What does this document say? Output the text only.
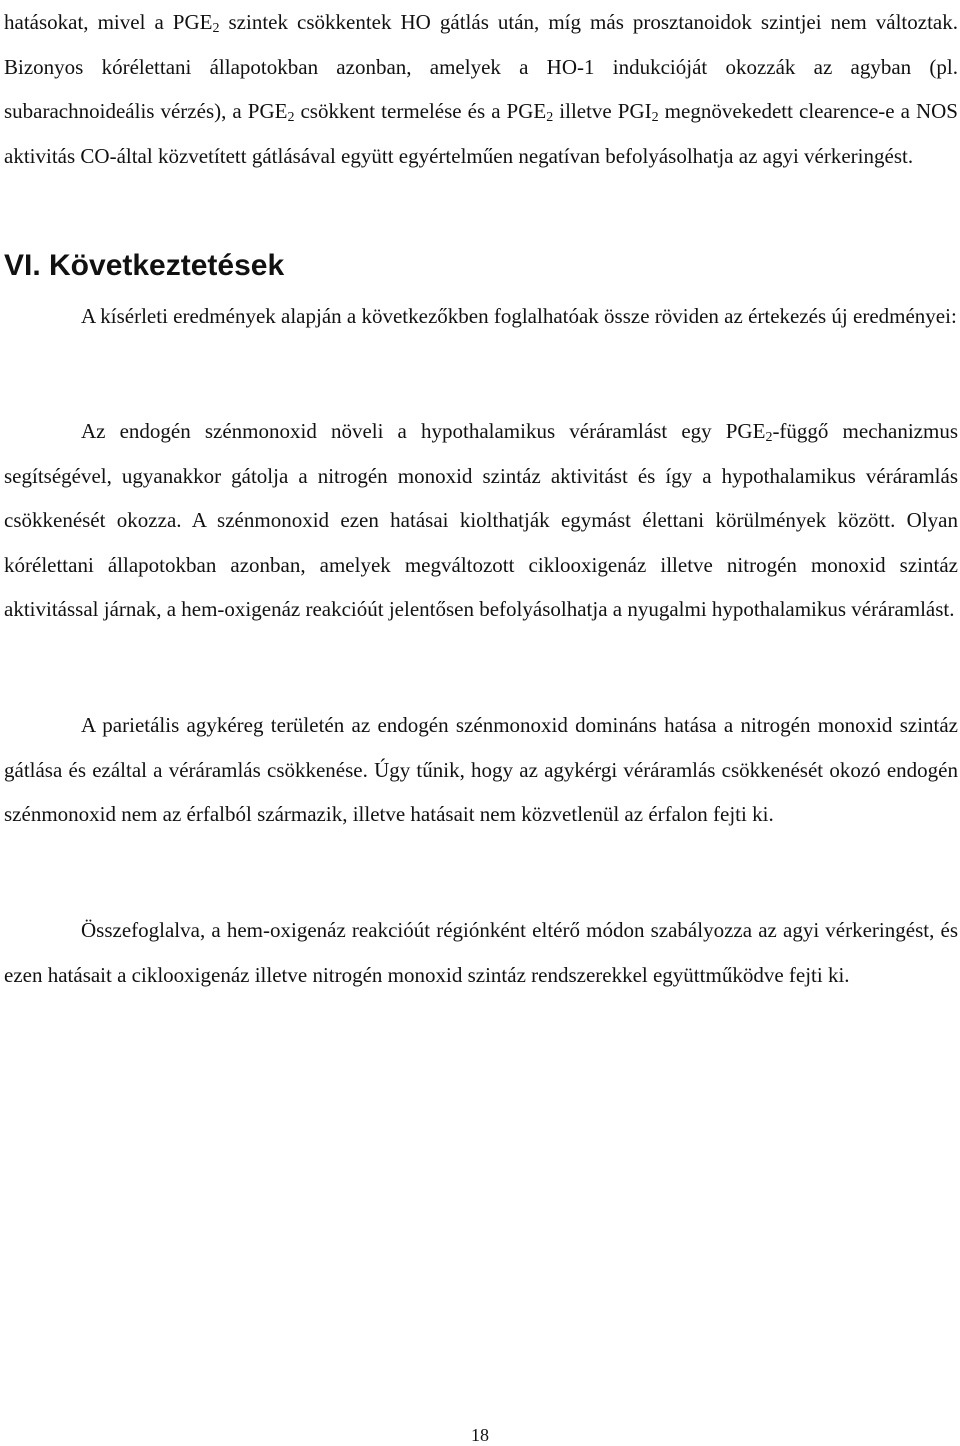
hatásokat, mivel a $PGE_2$ szintek csökkentek HO gátlás után, míg más prosztanoidok szintjei nem változtak. Bizonyos kórélettani állapotokban azonban, amelyek a HO-1 indukcióját okozzák az agyban (pl. subarachnoideális vérzés), a $PGE_2$ csökkent termelése és a $PGE_2$ illetve $PGI_2$ megnövekedett clearence-e a NOS aktivitás CO-által közvetített gátlásával együtt egyértelműen negatívan befolyásolhatja az agyi vérkeringést.

VI. Következtetések

A kísérleti eredmények alapján a következőkben foglalhatóak össze röviden az értekezés új eredményei:

Az endogén szénmonoxid növeli a hypothalamikus véráramlást egy $PGE_2$-függő mechanizmus segítségével, ugyanakkor gátolja a nitrogén monoxid szintáz aktivitást és így a hypothalamikus véráramlás csökkenését okozza. A szénmonoxid ezen hatásai kiolthatják egymást élettani körülmények között. Olyan kórélettani állapotokban azonban, amelyek megváltozott ciklooxigenáz illetve nitrogén monoxid szintáz aktivitással járnak, a hem-oxigenáz reakcióút jelentősen befolyásolhatja a nyugalmi hypothalamikus véráramlást.

A parietális agykéreg területén az endogén szénmonoxid domináns hatása a nitrogén monoxid szintáz gátlása és ezáltal a véráramlás csökkenése. Úgy tűnik, hogy az agykérgi véráramlás csökkenését okozó endogén szénmonoxid nem az érfalból származik, illetve hatásait nem közvetlenül az érfalon fejti ki.

Összefoglalva, a hem-oxigenáz reakcióút régiónként eltérő módon szabályozza az agyi vérkeringést, és ezen hatásait a ciklooxigenáz illetve nitrogén monoxid szintáz rendszerekkel együttműködve fejti ki.

18
